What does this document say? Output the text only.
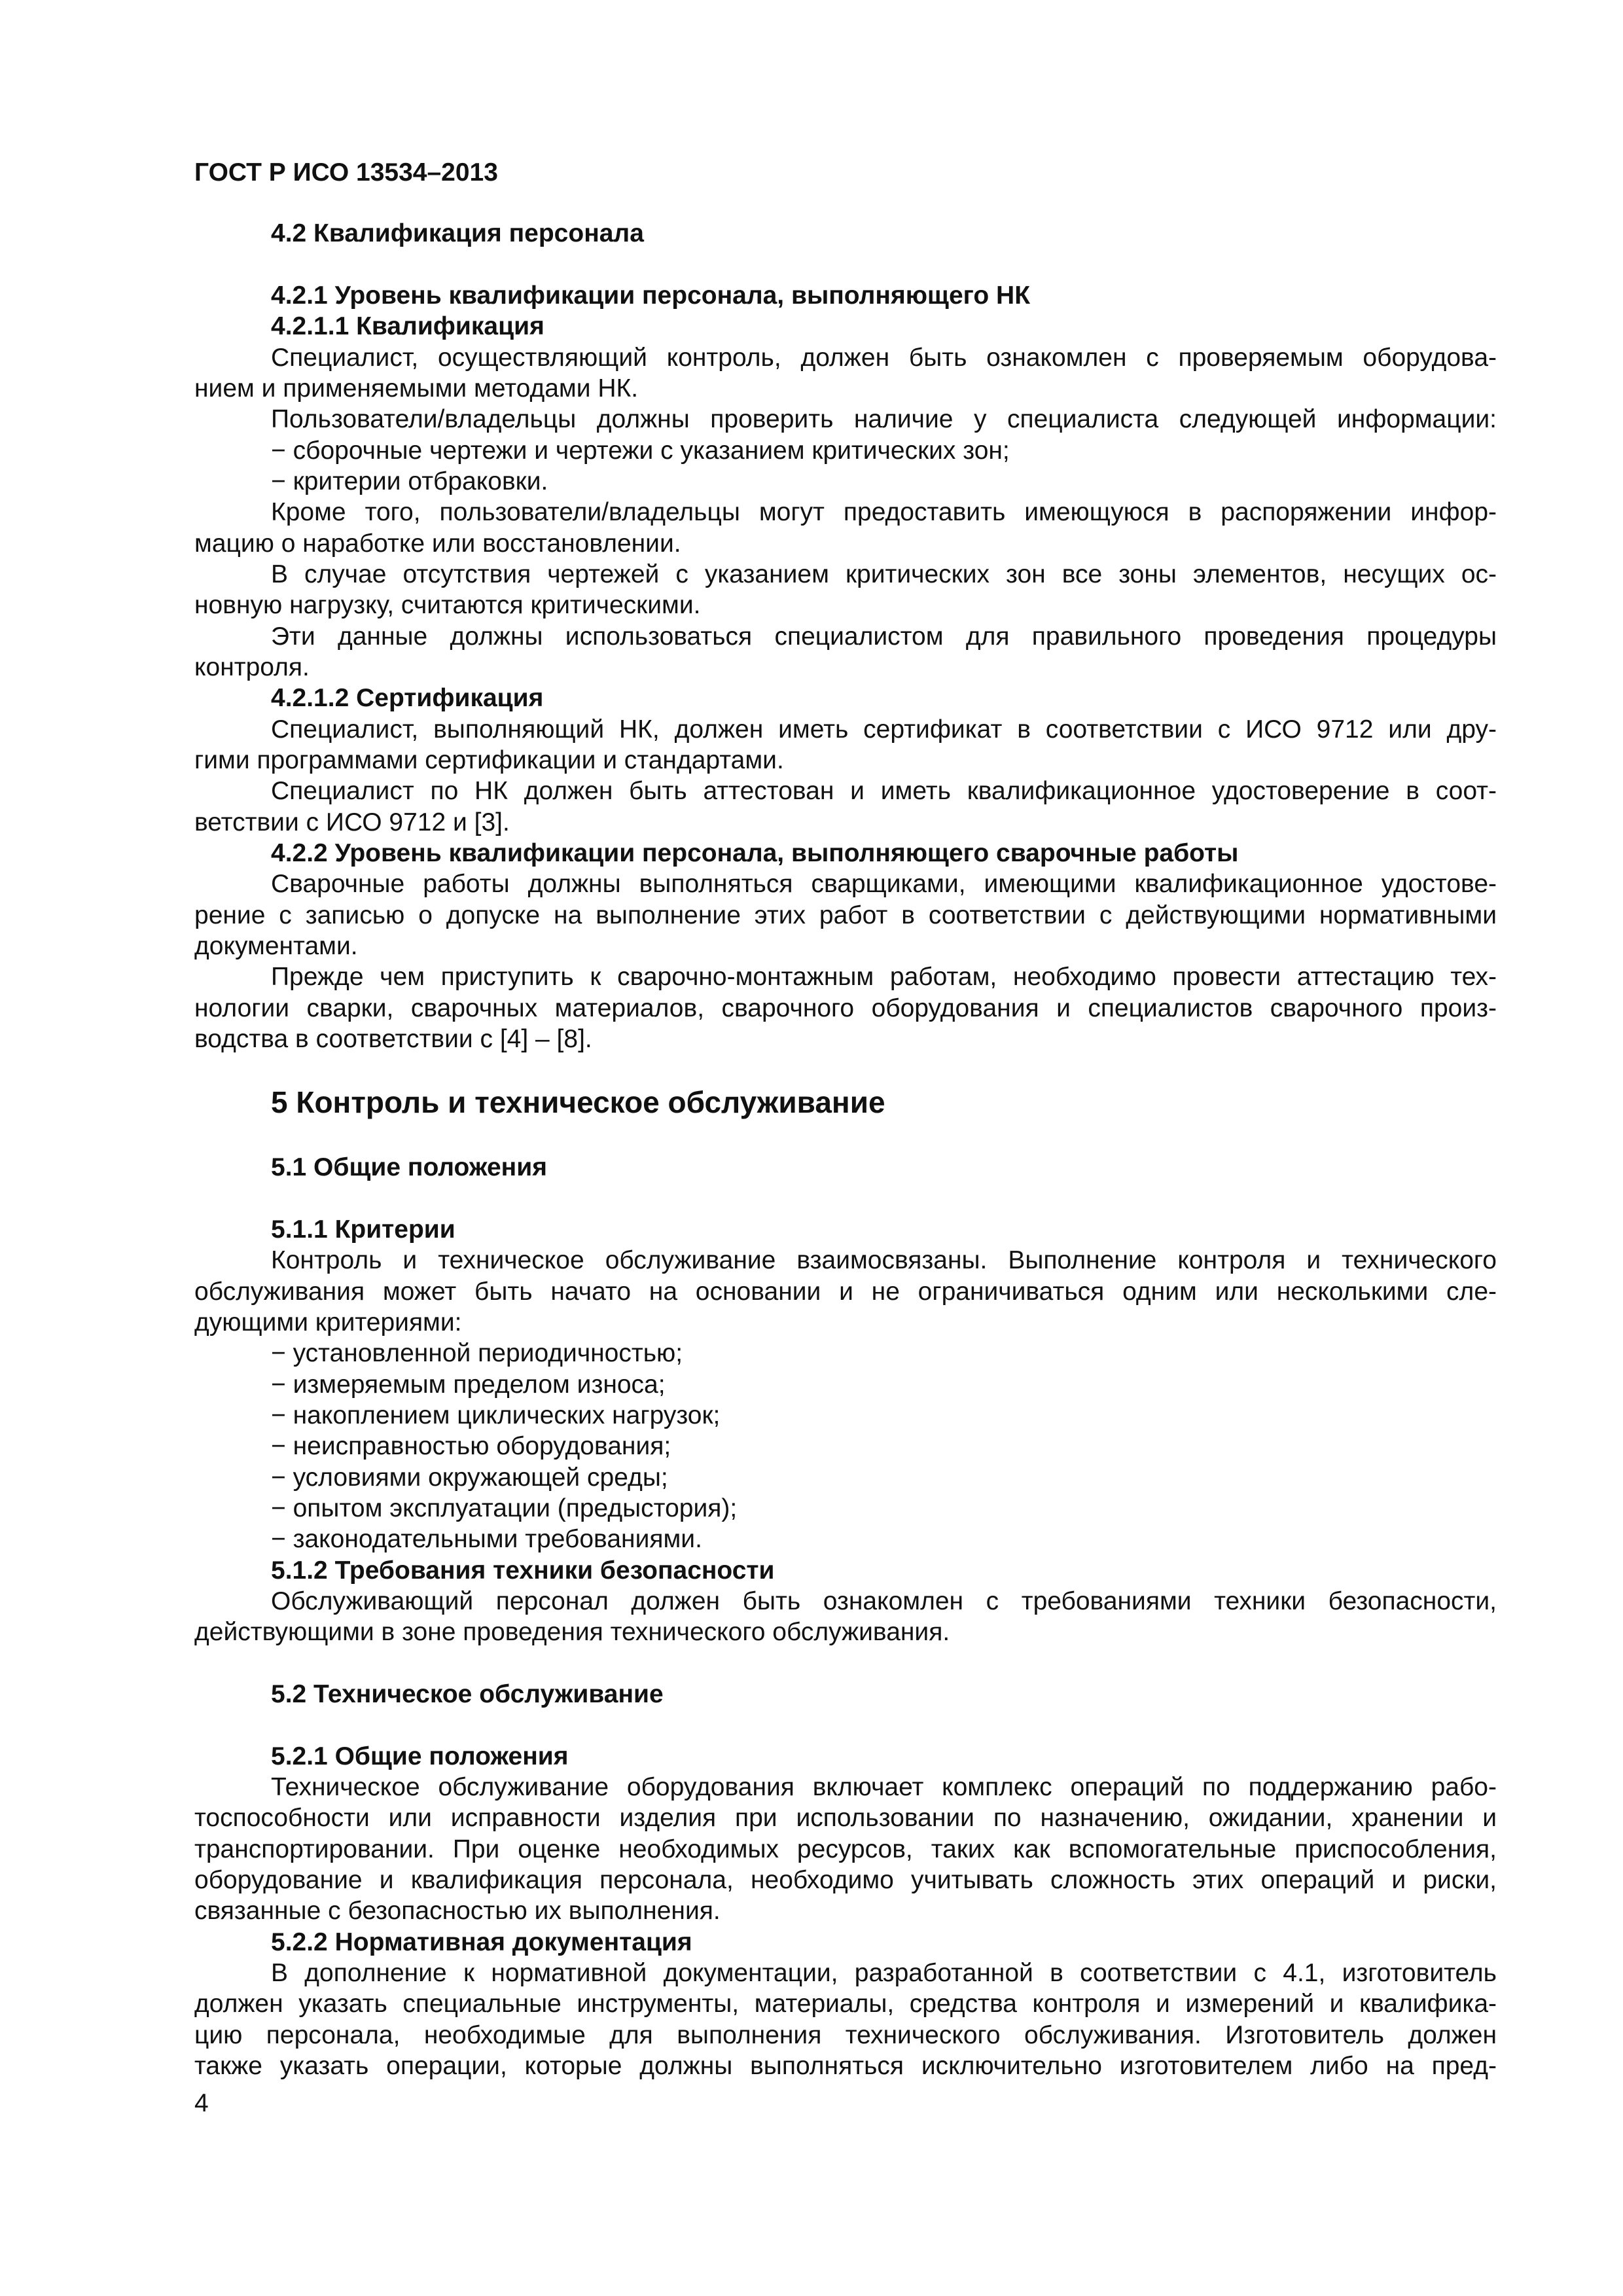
ГОСТ Р ИСО 13534–2013
4.2 Квалификация персонала
4.2.1 Уровень квалификации персонала, выполняющего НК
4.2.1.1 Квалификация
Специалист, осуществляющий контроль, должен быть ознакомлен с проверяемым оборудова-
нием и применяемыми методами НК.
Пользователи/владельцы должны проверить наличие у специалиста следующей информации:
− сборочные чертежи и чертежи с указанием критических зон;
− критерии отбраковки.
Кроме того, пользователи/владельцы могут предоставить имеющуюся в распоряжении инфор-
мацию о наработке или восстановлении.
В случае отсутствия чертежей с указанием критических зон все зоны элементов, несущих ос-
новную нагрузку, считаются критическими.
Эти данные должны использоваться специалистом для правильного проведения процедуры
контроля.
4.2.1.2 Сертификация
Специалист, выполняющий НК, должен иметь сертификат в соответствии с ИСО 9712 или дру-
гими программами сертификации и стандартами.
Специалист по НК должен быть аттестован и иметь квалификационное удостоверение в соот-
ветствии с ИСО 9712 и [3].
4.2.2 Уровень квалификации персонала, выполняющего сварочные работы
Сварочные работы должны выполняться сварщиками, имеющими квалификационное удостове-
рение с записью о допуске на выполнение этих работ в соответствии с действующими нормативными
документами.
Прежде чем приступить к сварочно-монтажным работам, необходимо провести аттестацию тех-
нологии сварки, сварочных материалов, сварочного оборудования и специалистов сварочного произ-
водства в соответствии с [4] – [8].
5 Контроль и техническое обслуживание
5.1 Общие положения
5.1.1 Критерии
Контроль и техническое обслуживание взаимосвязаны. Выполнение контроля и технического
обслуживания может быть начато на основании и не ограничиваться одним или несколькими сле-
дующими критериями:
− установленной периодичностью;
− измеряемым пределом износа;
− накоплением циклических нагрузок;
− неисправностью оборудования;
− условиями окружающей среды;
− опытом эксплуатации (предыстория);
− законодательными требованиями.
5.1.2 Требования техники безопасности
Обслуживающий персонал должен быть ознакомлен с требованиями техники безопасности,
действующими в зоне проведения технического обслуживания.
5.2 Техническое обслуживание
5.2.1 Общие положения
Техническое обслуживание оборудования включает комплекс операций по поддержанию рабо-
тоспособности или исправности изделия при использовании по назначению, ожидании, хранении и
транспортировании. При оценке необходимых ресурсов, таких как вспомогательные приспособления,
оборудование и квалификация персонала, необходимо учитывать сложность этих операций и риски,
связанные с безопасностью их выполнения.
5.2.2 Нормативная документация
В дополнение к нормативной документации, разработанной в соответствии с 4.1, изготовитель
должен указать специальные инструменты, материалы, средства контроля и измерений и квалифика-
цию персонала, необходимые для выполнения технического обслуживания. Изготовитель должен
также указать операции, которые должны выполняться исключительно изготовителем либо на пред-
4
